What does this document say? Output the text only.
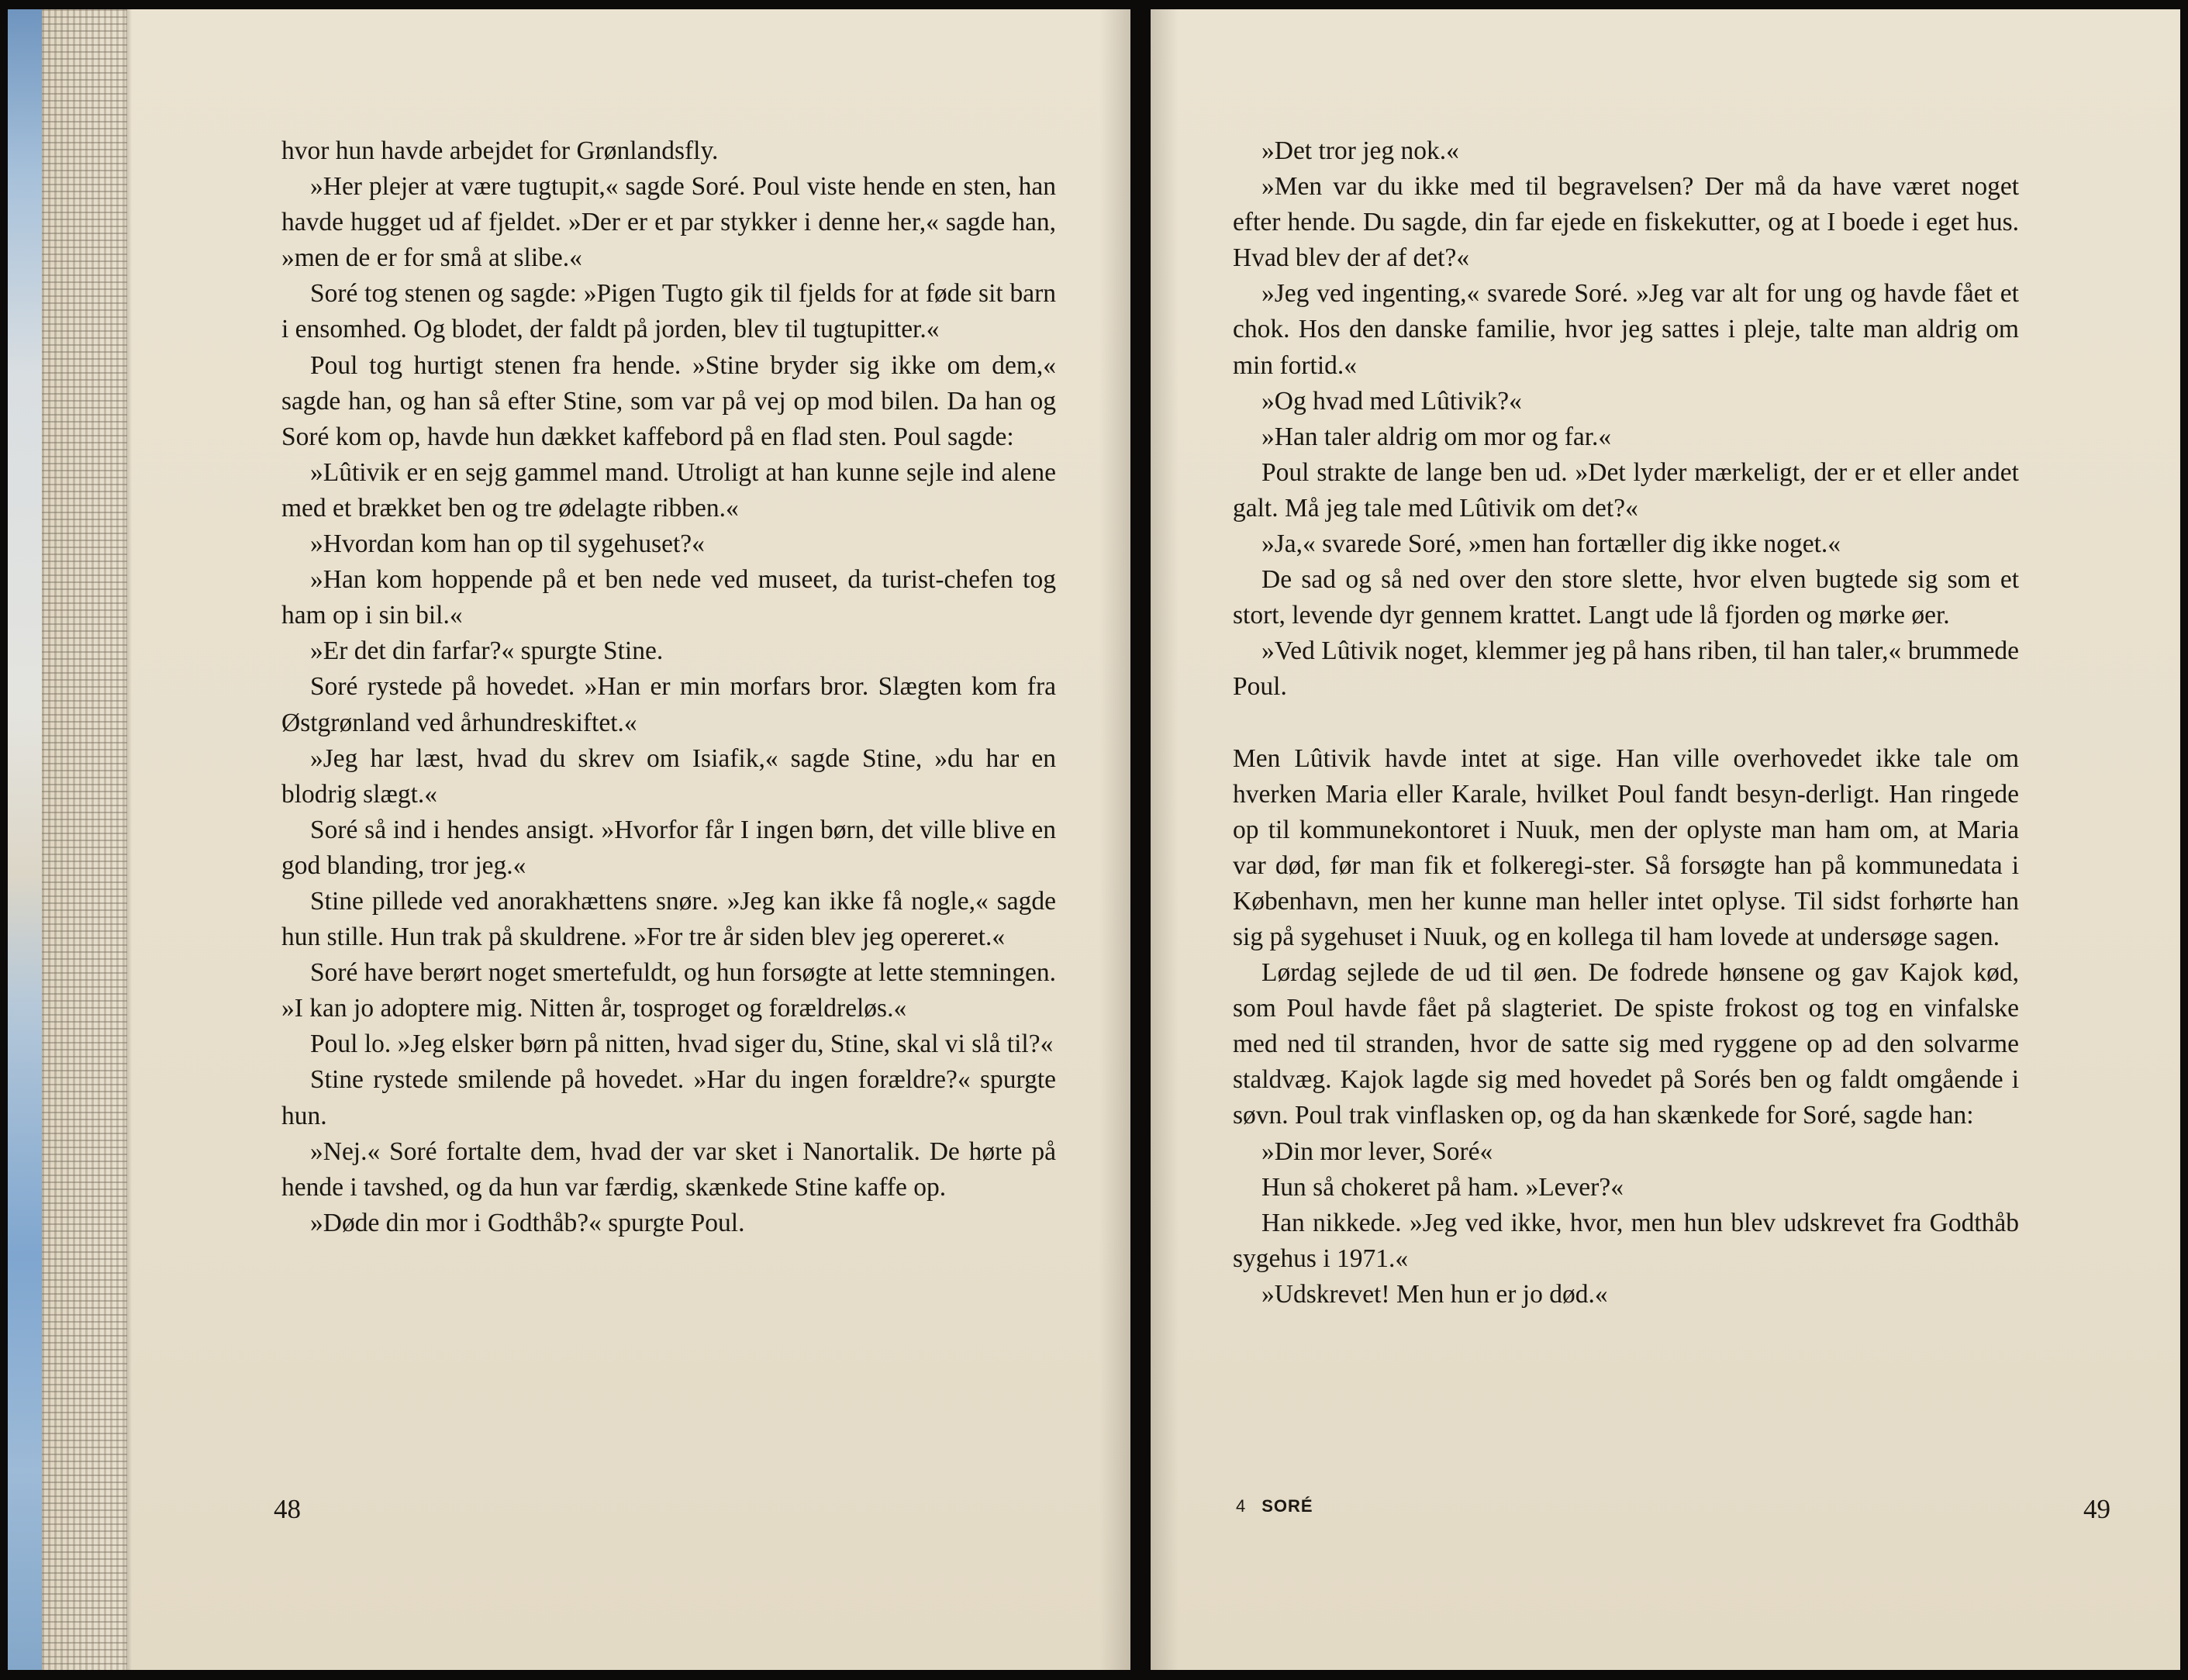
hvor hun havde arbejdet for Grønlandsfly.

»Her plejer at være tugtupit,« sagde Soré. Poul viste hende en sten, han havde hugget ud af fjeldet. »Der er et par stykker i denne her,« sagde han, »men de er for små at slibe.«

Soré tog stenen og sagde: »Pigen Tugto gik til fjelds for at føde sit barn i ensomhed. Og blodet, der faldt på jorden, blev til tugtupitter.«

Poul tog hurtigt stenen fra hende. »Stine bryder sig ikke om dem,« sagde han, og han så efter Stine, som var på vej op mod bilen. Da han og Soré kom op, havde hun dækket kaffebord på en flad sten. Poul sagde:

»Lûtivik er en sejg gammel mand. Utroligt at han kunne sejle ind alene med et brækket ben og tre ødelagte ribben.«

»Hvordan kom han op til sygehuset?«

»Han kom hoppende på et ben nede ved museet, da turist-chefen tog ham op i sin bil.«

»Er det din farfar?« spurgte Stine.

Soré rystede på hovedet. »Han er min morfars bror. Slægten kom fra Østgrønland ved århundreskiftet.«

»Jeg har læst, hvad du skrev om Isiafik,« sagde Stine, »du har en blodrig slægt.«

Soré så ind i hendes ansigt. »Hvorfor får I ingen børn, det ville blive en god blanding, tror jeg.«

Stine pillede ved anorakhættens snøre. »Jeg kan ikke få nogle,« sagde hun stille. Hun trak på skuldrene. »For tre år siden blev jeg opereret.«

Soré have berørt noget smertefuldt, og hun forsøgte at lette stemningen. »I kan jo adoptere mig. Nitten år, tosproget og forældreløs.«

Poul lo. »Jeg elsker børn på nitten, hvad siger du, Stine, skal vi slå til?«

Stine rystede smilende på hovedet. »Har du ingen forældre?« spurgte hun.

»Nej.« Soré fortalte dem, hvad der var sket i Nanortalik. De hørte på hende i tavshed, og da hun var færdig, skænkede Stine kaffe op.

»Døde din mor i Godthåb?« spurgte Poul.

48

»Det tror jeg nok.«

»Men var du ikke med til begravelsen? Der må da have været noget efter hende. Du sagde, din far ejede en fiskekutter, og at I boede i eget hus. Hvad blev der af det?«

»Jeg ved ingenting,« svarede Soré. »Jeg var alt for ung og havde fået et chok. Hos den danske familie, hvor jeg sattes i pleje, talte man aldrig om min fortid.«

»Og hvad med Lûtivik?«

»Han taler aldrig om mor og far.«

Poul strakte de lange ben ud. »Det lyder mærkeligt, der er et eller andet galt. Må jeg tale med Lûtivik om det?«

»Ja,« svarede Soré, »men han fortæller dig ikke noget.«

De sad og så ned over den store slette, hvor elven bugtede sig som et stort, levende dyr gennem krattet. Langt ude lå fjorden og mørke øer.

»Ved Lûtivik noget, klemmer jeg på hans riben, til han taler,« brummede Poul.

Men Lûtivik havde intet at sige. Han ville overhovedet ikke tale om hverken Maria eller Karale, hvilket Poul fandt besyn-derligt. Han ringede op til kommunekontoret i Nuuk, men der oplyste man ham om, at Maria var død, før man fik et folkeregi-ster. Så forsøgte han på kommunedata i København, men her kunne man heller intet oplyse. Til sidst forhørte han sig på sygehuset i Nuuk, og en kollega til ham lovede at undersøge sagen.

Lørdag sejlede de ud til øen. De fodrede hønsene og gav Kajok kød, som Poul havde fået på slagteriet. De spiste frokost og tog en vinfalske med ned til stranden, hvor de satte sig med ryggene op ad den solvarme staldvæg. Kajok lagde sig med hovedet på Sorés ben og faldt omgående i søvn. Poul trak vinflasken op, og da han skænkede for Soré, sagde han:

»Din mor lever, Soré«

Hun så chokeret på ham. »Lever?«

Han nikkede. »Jeg ved ikke, hvor, men hun blev udskrevet fra Godthåb sygehus i 1971.«

»Udskrevet! Men hun er jo død.«

4 SORÉ	49
